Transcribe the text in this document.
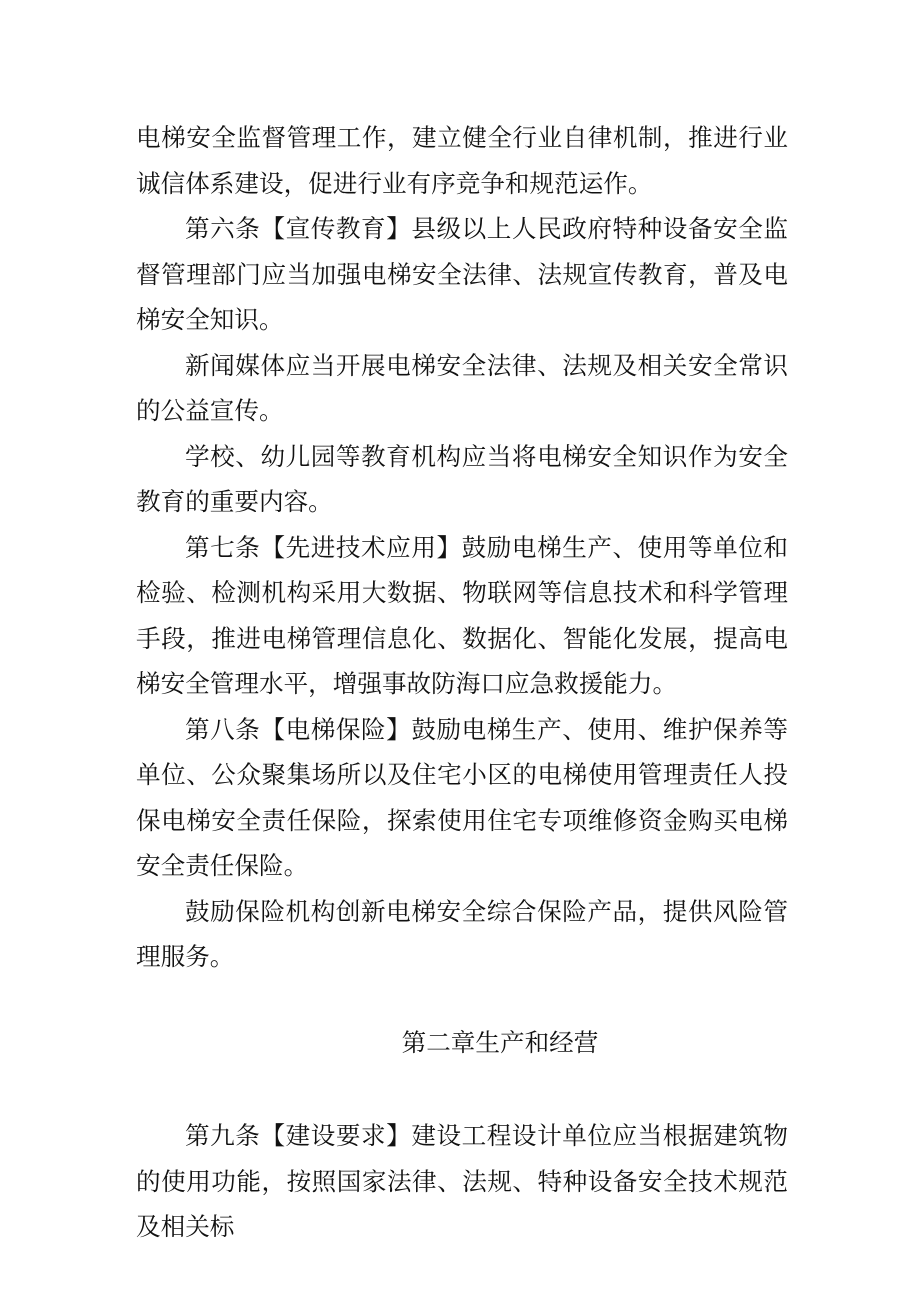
电梯安全监督管理工作，建立健全行业自律机制，推进行业诚信体系建设，促进行业有序竞争和规范运作。

第六条【宣传教育】县级以上人民政府特种设备安全监督管理部门应当加强电梯安全法律、法规宣传教育，普及电梯安全知识。

新闻媒体应当开展电梯安全法律、法规及相关安全常识的公益宣传。

学校、幼儿园等教育机构应当将电梯安全知识作为安全教育的重要内容。

第七条【先进技术应用】鼓励电梯生产、使用等单位和检验、检测机构采用大数据、物联网等信息技术和科学管理手段，推进电梯管理信息化、数据化、智能化发展，提高电梯安全管理水平，增强事故防海口应急救援能力。

第八条【电梯保险】鼓励电梯生产、使用、维护保养等单位、公众聚集场所以及住宅小区的电梯使用管理责任人投保电梯安全责任保险，探索使用住宅专项维修资金购买电梯安全责任保险。

鼓励保险机构创新电梯安全综合保险产品，提供风险管理服务。

第二章生产和经营

第九条【建设要求】建设工程设计单位应当根据建筑物的使用功能，按照国家法律、法规、特种设备安全技术规范及相关标
